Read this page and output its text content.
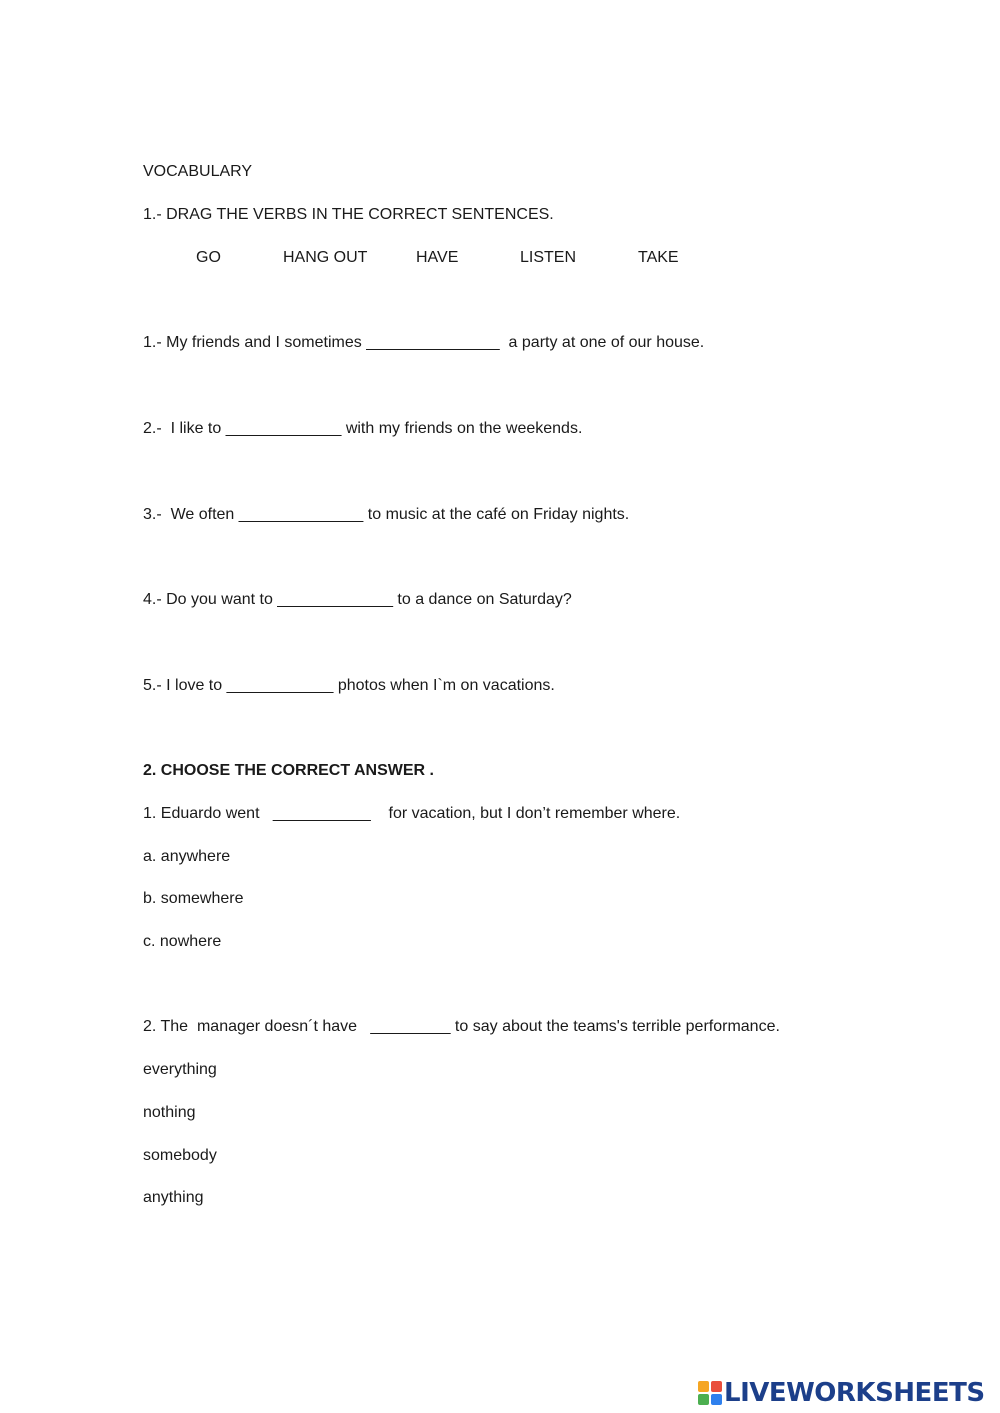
VOCABULARY
1.- DRAG THE VERBS IN THE CORRECT SENTENCES.
GO	HANG OUT	HAVE	LISTEN	TAKE
1.- My friends and I sometimes _______________  a party at one of our house.
2.-  I like to _____________ with my friends on the weekends.
3.-  We often ______________ to music at the café on Friday nights.
4.- Do you want to _____________ to a dance on Saturday?
5.- I love to ____________ photos when I`m on vacations.
2. CHOOSE THE CORRECT ANSWER .
1. Eduardo went   ___________    for vacation, but I don’t remember where.
a. anywhere
b. somewhere
c. nowhere
2. The  manager doesn´t have   _________ to say about the teams's terrible performance.
everything
nothing
somebody
anything
LIVEWORKSHEETS
